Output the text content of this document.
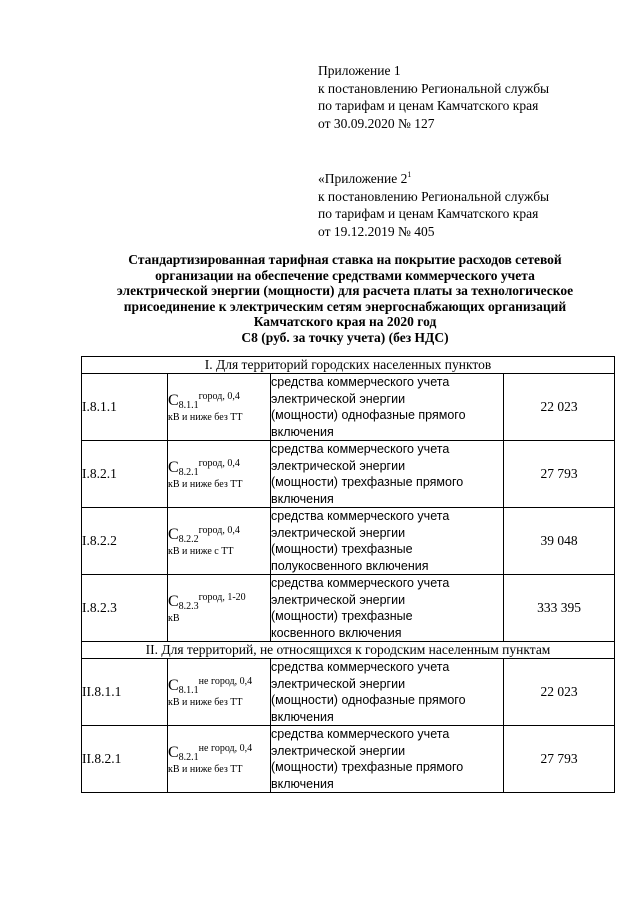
Приложение 1
к постановлению Региональной службы
по тарифам и ценам Камчатского края
от 30.09.2020 № 127
«Приложение $2^1$
к постановлению Региональной службы
по тарифам и ценам Камчатского края
от 19.12.2019 № 405
Стандартизированная тарифная ставка на покрытие расходов сетевой
организации на обеспечение средствами коммерческого учета
электрической энергии (мощности) для расчета платы за технологическое
присоединение к электрическим сетям энергоснабжающих организаций
Камчатского края на 2020 год
С8 (руб. за точку учета) (без НДС)
I. Для территорий городских населенных пунктов			
I.8.1.1	С8.1.1город, 0,4
кВ и ниже без ТТ	средства коммерческого учета
электрической энергии
(мощности) однофазные прямого
включения	22 023
I.8.2.1	С8.2.1город, 0,4
кВ и ниже без ТТ	средства коммерческого учета
электрической энергии
(мощности) трехфазные прямого
включения	27 793
I.8.2.2	С8.2.2город, 0,4
кВ и ниже с ТТ	средства коммерческого учета
электрической энергии
(мощности) трехфазные
полукосвенного включения	39 048
I.8.2.3	С8.2.3город, 1-20
кВ	средства коммерческого учета
электрической энергии
(мощности) трехфазные
косвенного включения	333 395
II. Для территорий, не относящихся к городским населенным пунктам			
II.8.1.1	С8.1.1не город, 0,4
кВ и ниже без ТТ	средства коммерческого учета
электрической энергии
(мощности) однофазные прямого
включения	22 023
II.8.2.1	С8.2.1не город, 0,4
кВ и ниже без ТТ	средства коммерческого учета
электрической энергии
(мощности) трехфазные прямого
включения	27 793
